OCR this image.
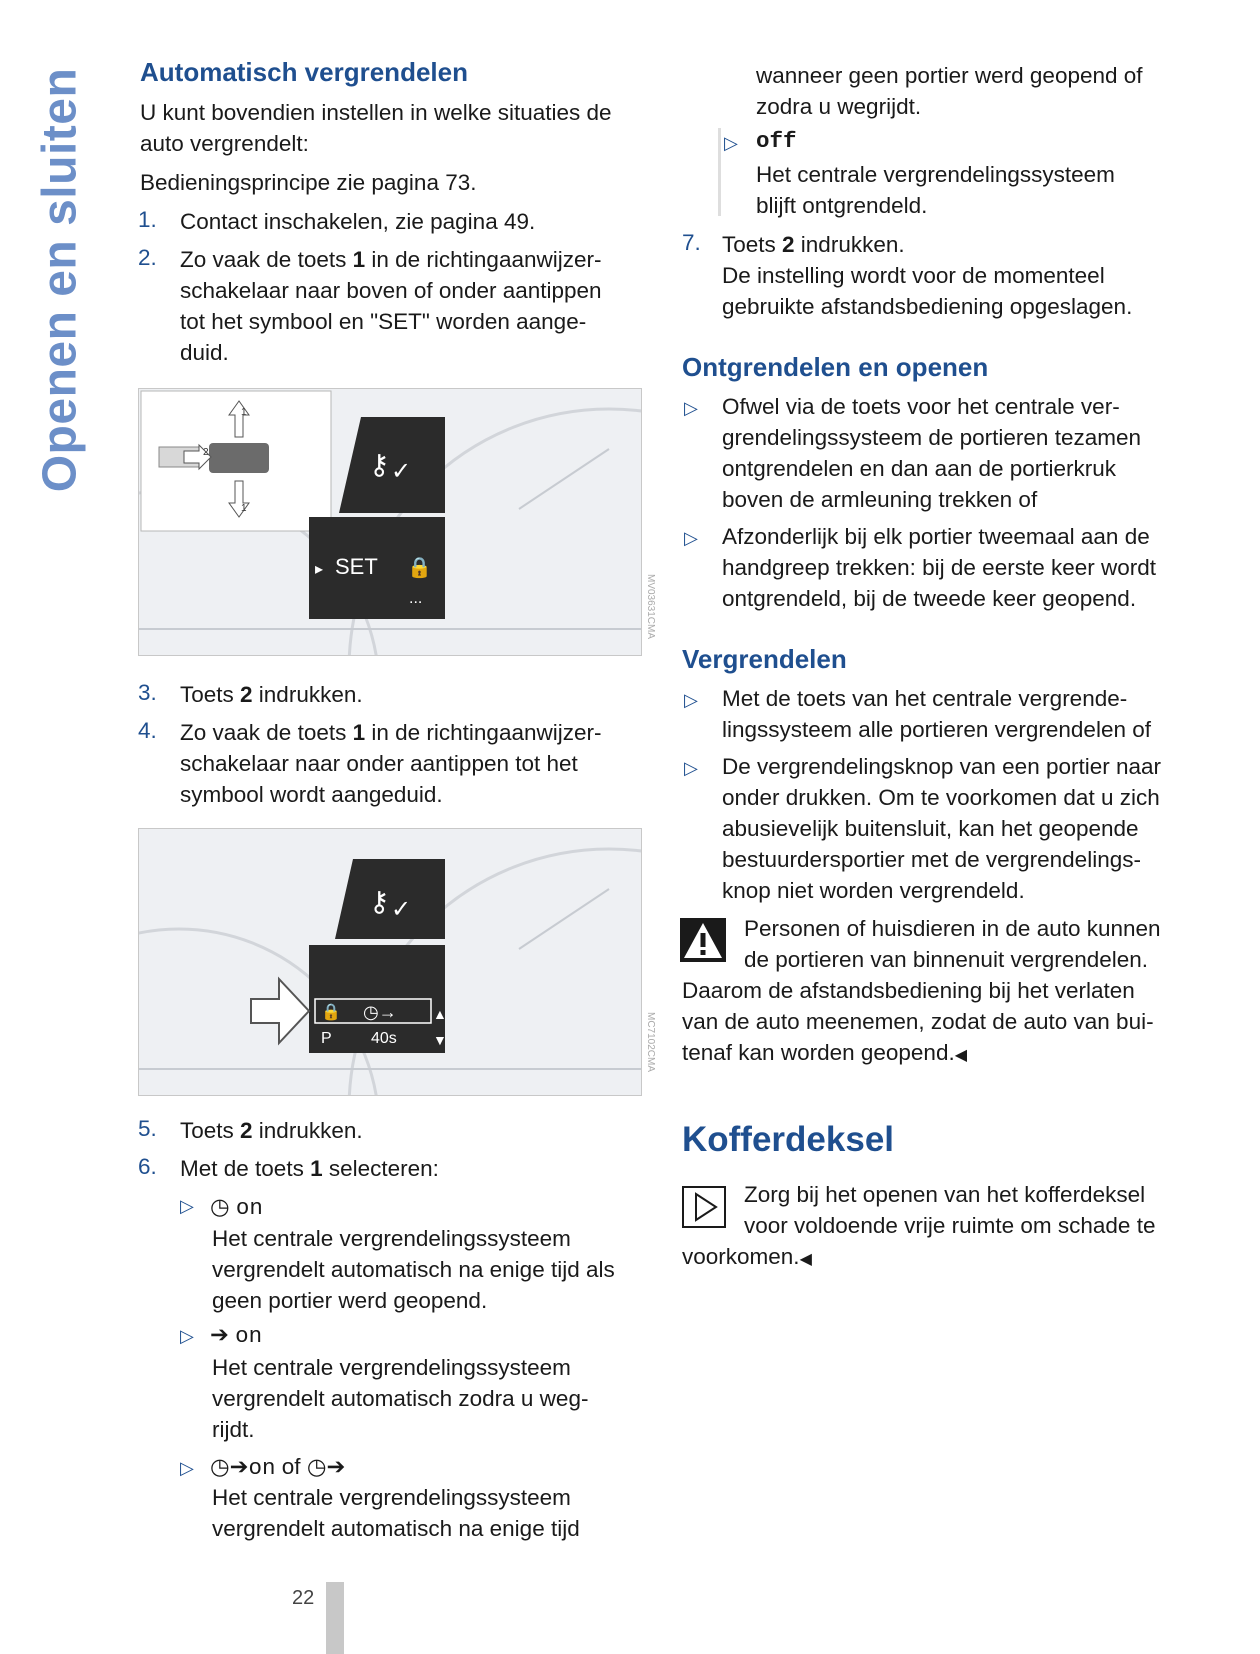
Openen en sluiten Automatisch vergrendelen
U kunt bovendien instellen in welke situaties de
auto vergrendelt:
Bedieningsprincipe zie pagina 73.
1. Contact inschakelen, zie pagina 49.
2. Zo vaak de toets 1 in de richtingaanwijzer-
schakelaar naar boven of onder aantippen
tot het symbool en "SET" worden aange-
duid.
1
1
2	⚷ ✓
▸ SET 🔒
...	MV03631CMA
3. Toets 2 indrukken.
4. Zo vaak de toets 1 in de richtingaanwijzer-
schakelaar naar onder aantippen tot het
symbool wordt aangeduid.
⚷ ✓
🔒 ◷→
P 40s
▲
▼	MC7102CMA
5. Toets 2 indrukken.
6. Met de toets 1 selecteren:
▷ ◷ on
Het centrale vergrendelingssysteem
vergrendelt automatisch na enige tijd als
geen portier werd geopend.
▷ ➔ on
Het centrale vergrendelingssysteem
vergrendelt automatisch zodra u weg-
rijdt.
▷ ◷➔on of ◷➔
Het centrale vergrendelingssysteem
vergrendelt automatisch na enige tijd
wanneer geen portier werd geopend of
zodra u wegrijdt.
▷ off
Het centrale vergrendelingssysteem
blijft ontgrendeld.
7. Toets 2 indrukken.
De instelling wordt voor de momenteel
gebruikte afstandsbediening opgeslagen.
Ontgrendelen en openen
▷ Ofwel via de toets voor het centrale ver-
grendelingssysteem de portieren tezamen
ontgrendelen en dan aan de portierkruk
boven de armleuning trekken of
▷ Afzonderlijk bij elk portier tweemaal aan de
handgreep trekken: bij de eerste keer wordt
ontgrendeld, bij de tweede keer geopend.
Vergrendelen
▷ Met de toets van het centrale vergrende-
lingssysteem alle portieren vergrendelen of
▷ De vergrendelingsknop van een portier naar
onder drukken. Om te voorkomen dat u zich
abusievelijk buitensluit, kan het geopende
bestuurdersportier met de vergrendelings-
knop niet worden vergrendeld.
Personen of huisdieren in de auto kunnen
de portieren van binnenuit vergrendelen.
Daarom de afstandsbediening bij het verlaten
van de auto meenemen, zodat de auto van bui-
tenaf kan worden geopend.◀
Kofferdeksel
Zorg bij het openen van het kofferdeksel
voor voldoende vrije ruimte om schade te
voorkomen.◀
22
